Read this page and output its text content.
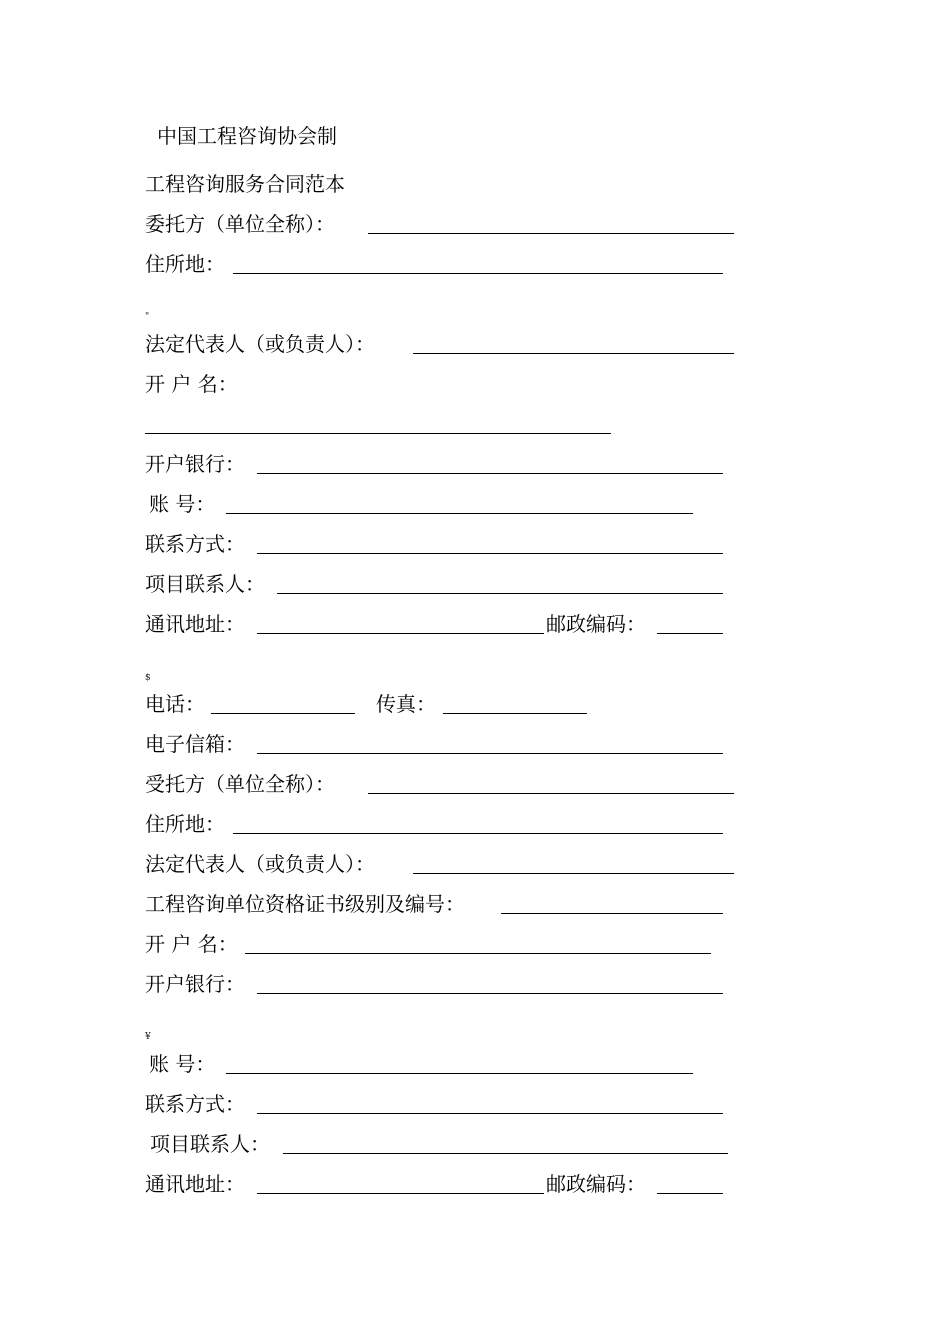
中国工程咨询协会制
工程咨询服务合同范本
委托方（单位全称）：
住所地：
"
法定代表人（或负责人）：
开 户 名：
开户银行：
账 号：
联系方式：
项目联系人：
通讯地址：	邮政编码：
$
电话：	传真：
电子信箱：
受托方（单位全称）：
住所地：
法定代表人（或负责人）：
工程咨询单位资格证书级别及编号：
开 户 名：
开户银行：
¥
账 号：
联系方式：
项目联系人：
通讯地址：	邮政编码：
